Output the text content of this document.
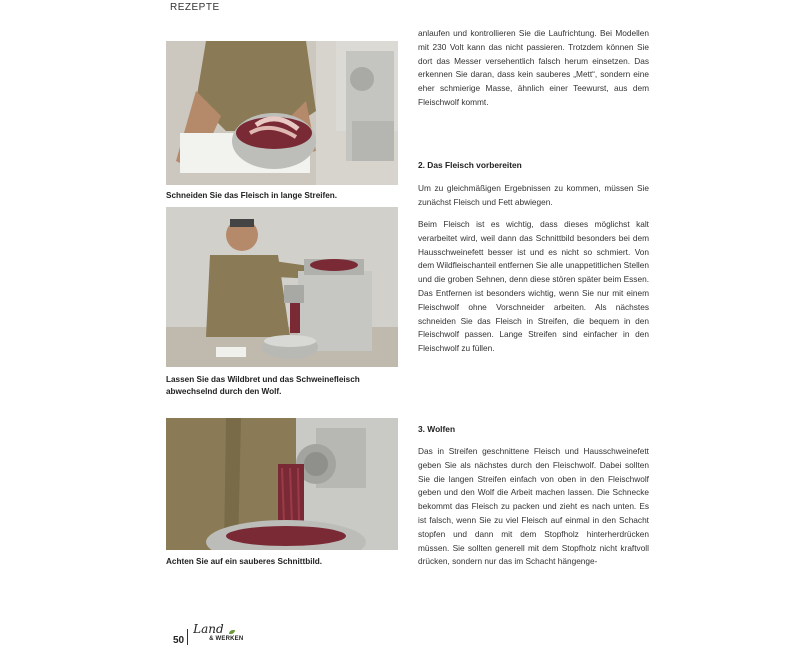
REZEPTE
Schneiden Sie das Fleisch in lange Streifen.
Lassen Sie das Wildbret und das Schweinefleisch abwechselnd durch den Wolf.
Achten Sie auf ein sauberes Schnittbild.

anlaufen und kontrollieren Sie die Laufrichtung. Bei Modellen mit 230 Volt kann das nicht passieren. Trotzdem können Sie dort das Messer versehentlich falsch herum einsetzen. Das erkennen Sie daran, dass kein sauberes „Mett“, sondern eine eher schmierige Masse, ähnlich einer Teewurst, aus dem Fleischwolf kommt.

2. Das Fleisch vorbereiten

Um zu gleichmäßigen Ergebnissen zu kommen, müssen Sie zunächst Fleisch und Fett abwiegen.

Beim Fleisch ist es wichtig, dass dieses möglichst kalt verarbeitet wird, weil dann das Schnittbild besonders bei dem Hausschweinefett besser ist und es nicht so schmiert. Von dem Wildfleischanteil entfernen Sie alle unappetitlichen Stellen und die groben Sehnen, denn diese stören später beim Essen. Das Entfernen ist besonders wichtig, wenn Sie nur mit einem Fleischwolf ohne Vorschneider arbeiten. Als nächstes schneiden Sie das Fleisch in Streifen, die bequem in den Fleischwolf passen. Lange Streifen sind einfacher in den Fleischwolf zu füllen.

3. Wolfen

Das in Streifen geschnittene Fleisch und Hausschweinefett geben Sie als nächstes durch den Fleischwolf. Dabei sollten Sie die langen Streifen einfach von oben in den Fleischwolf geben und den Wolf die Arbeit machen lassen. Die Schnecke bekommt das Fleisch zu packen und zieht es nach unten. Es ist falsch, wenn Sie zu viel Fleisch auf einmal in den Schacht stopfen und dann mit dem Stopfholz hinterherdrücken müssen. Sie sollten generell mit dem Stopfholz nicht kraftvoll drücken, sondern nur das im Schacht hängenge-

50
Land
& WERKEN
